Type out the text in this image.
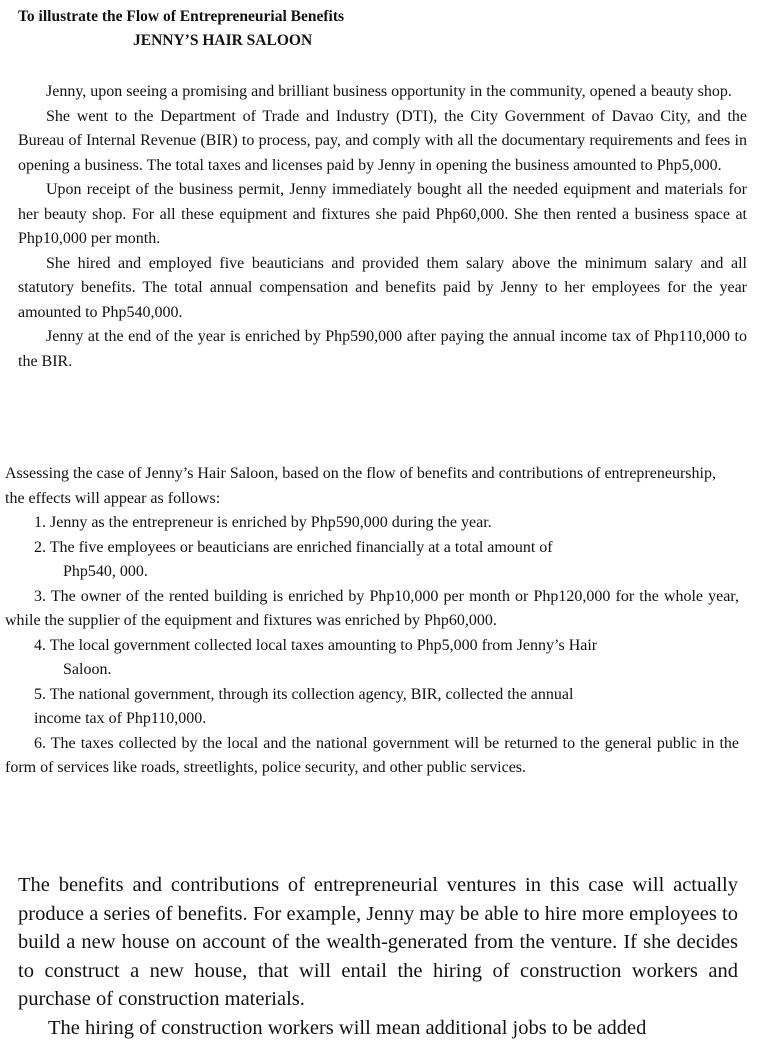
To illustrate the Flow of Entrepreneurial Benefits
JENNY’S HAIR SALOON

Jenny, upon seeing a promising and brilliant business opportunity in the community, opened a beauty shop.

She went to the Department of Trade and Industry (DTI), the City Government of Davao City, and the Bureau of Internal Revenue (BIR) to process, pay, and comply with all the documentary requirements and fees in opening a business. The total taxes and licenses paid by Jenny in opening the business amounted to Php5,000.

Upon receipt of the business permit, Jenny immediately bought all the needed equipment and materials for her beauty shop. For all these equipment and fixtures she paid Php60,000. She then rented a business space at Php10,000 per month.

She hired and employed five beauticians and provided them salary above the minimum salary and all statutory benefits. The total annual compensation and benefits paid by Jenny to her employees for the year amounted to Php540,000.

Jenny at the end of the year is enriched by Php590,000 after paying the annual income tax of Php110,000 to the BIR.

Assessing the case of Jenny’s Hair Saloon, based on the flow of benefits and contributions of entrepreneurship, the effects will appear as follows:

1. Jenny as the entrepreneur is enriched by Php590,000 during the year.

2. The five employees or beauticians are enriched financially at a total amount of
Php540, 000.

3. The owner of the rented building is enriched by Php10,000 per month or Php120,000 for the whole year, while the supplier of the equipment and fixtures was enriched by Php60,000.

4. The local government collected local taxes amounting to Php5,000 from Jenny’s Hair
Saloon.

5. The national government, through its collection agency, BIR, collected the annual
income tax of Php110,000.

6. The taxes collected by the local and the national government will be returned to the general public in the form of services like roads, streetlights, police security, and other public services.

The benefits and contributions of entrepreneurial ventures in this case will actually produce a series of benefits. For example, Jenny may be able to hire more employees to build a new house on account of the wealth-generated from the venture. If she decides to construct a new house, that will entail the hiring of construction workers and purchase of construction materials.

The hiring of construction workers will mean additional jobs to be added
